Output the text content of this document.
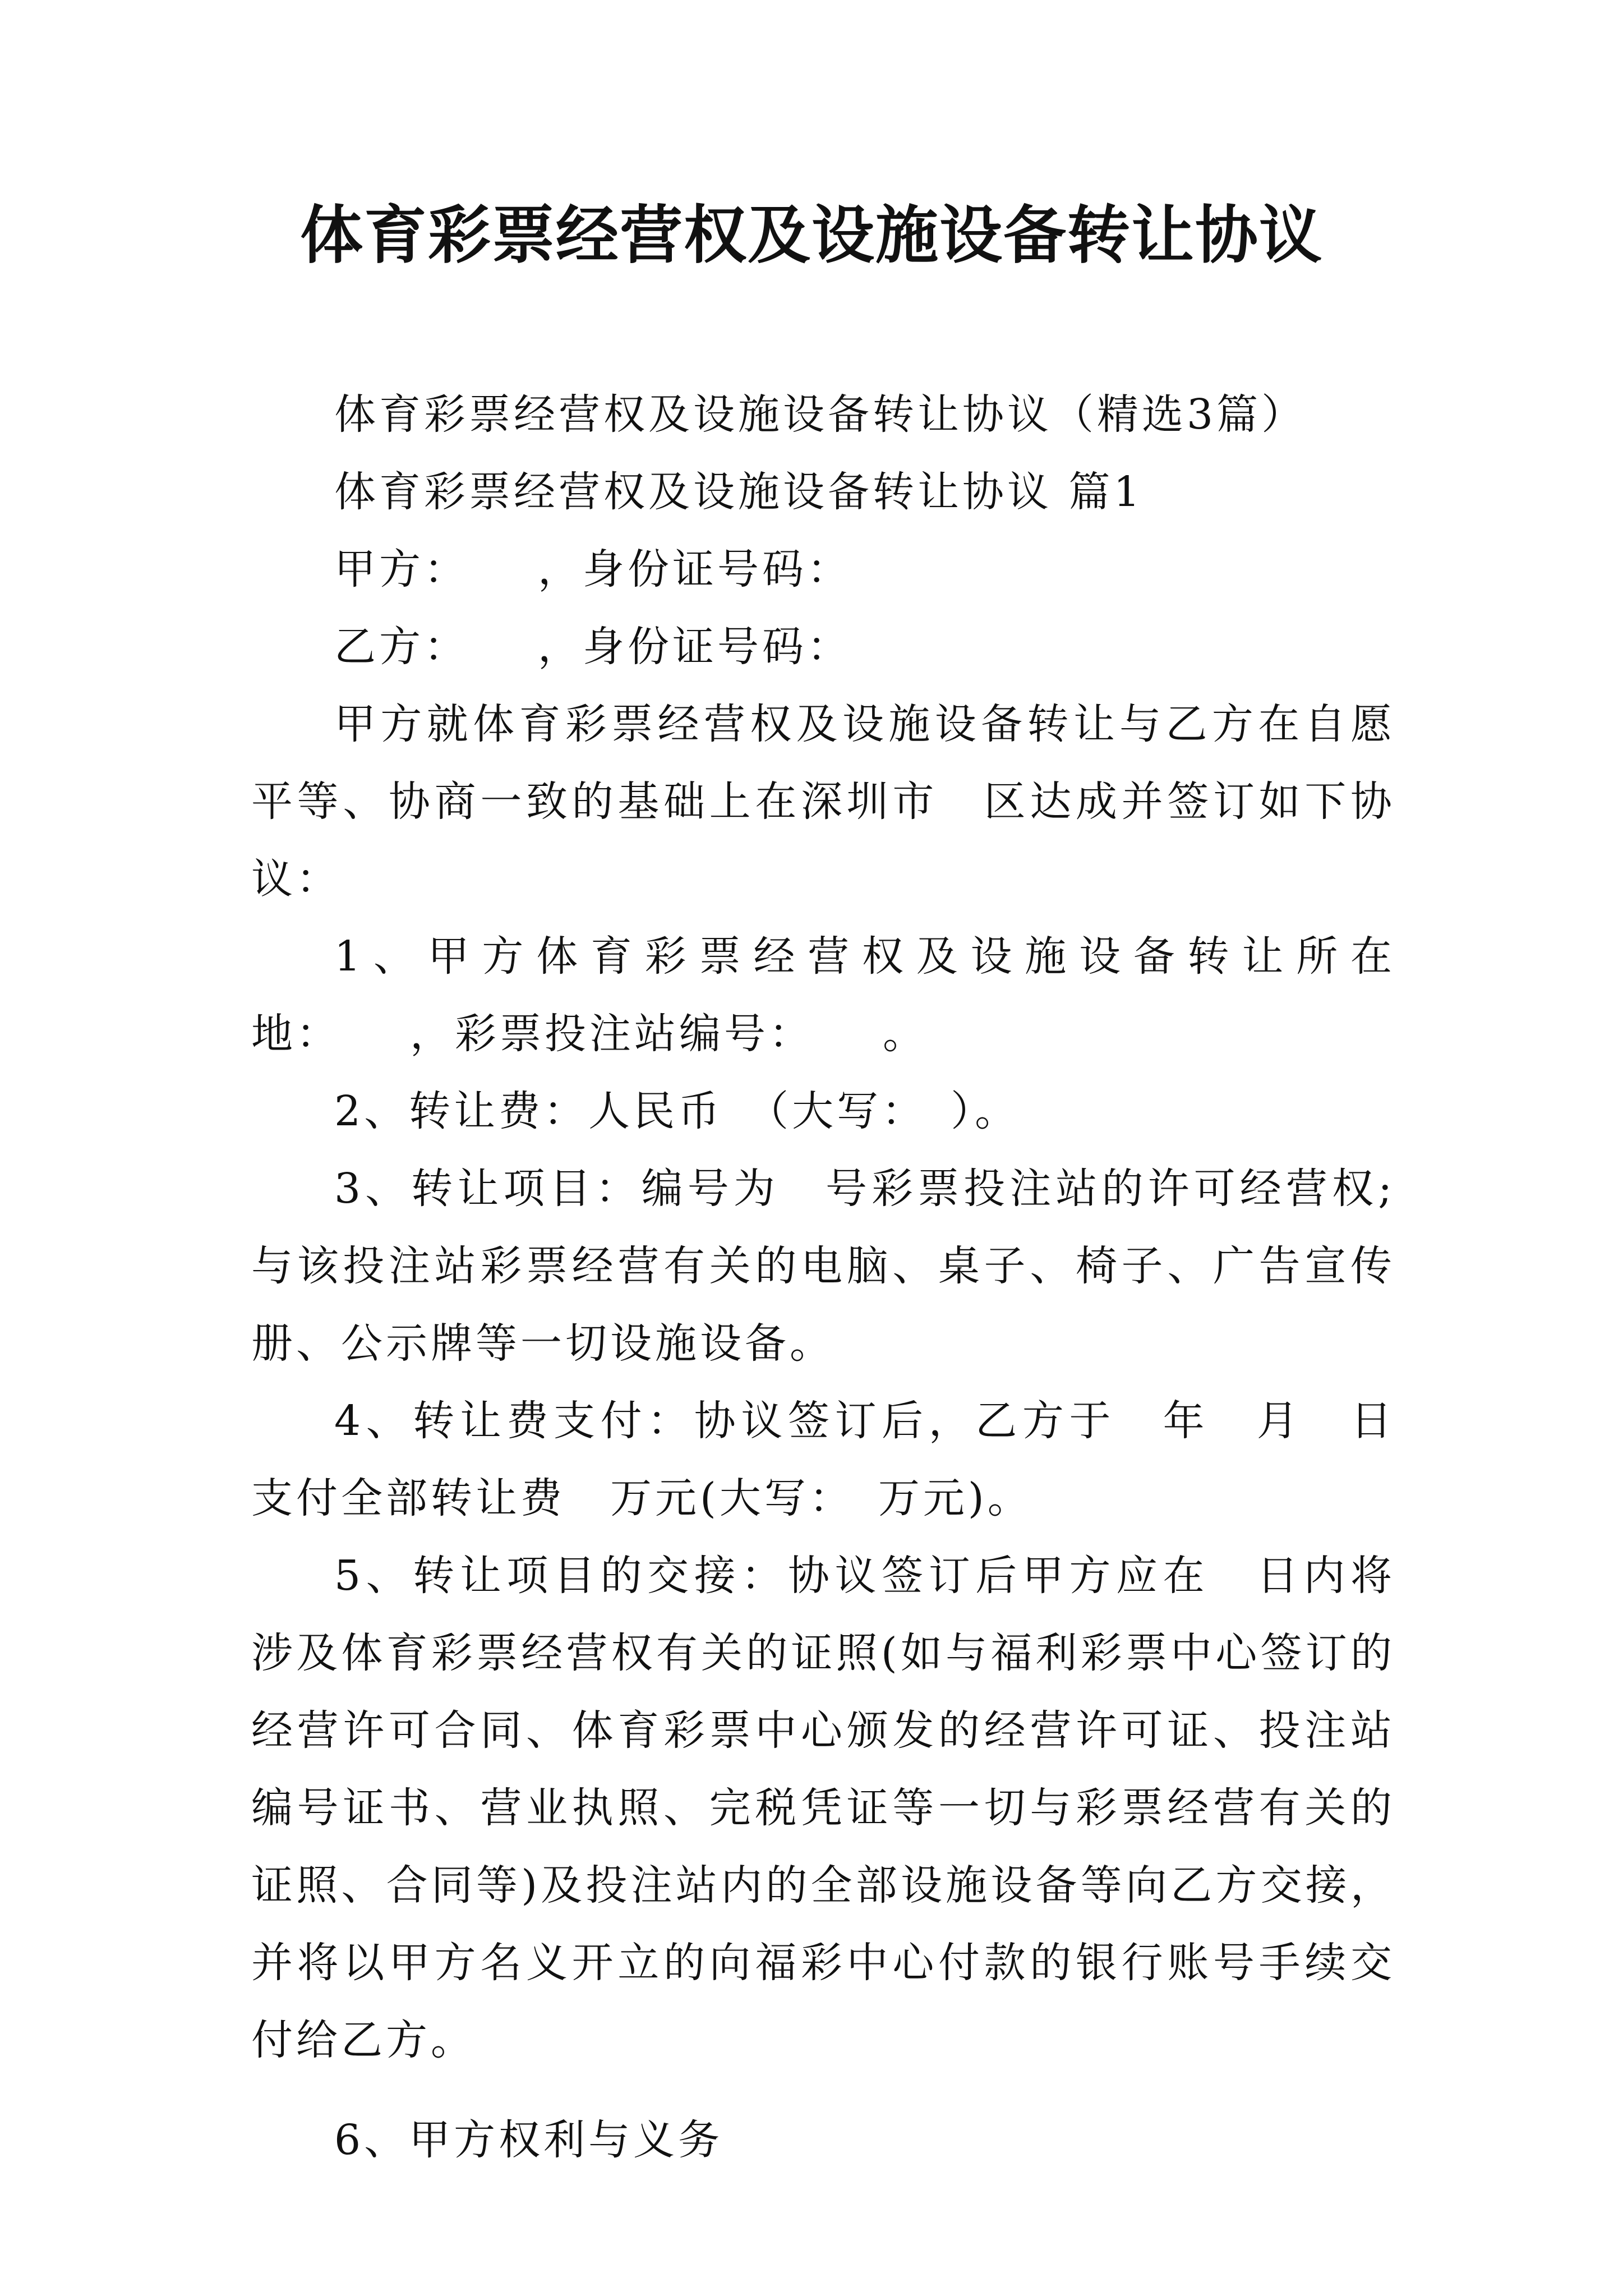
体育彩票经营权及设施设备转让协议

体育彩票经营权及设施设备转让协议（精选3篇）

体育彩票经营权及设施设备转让协议 篇1

甲方：　　，身份证号码：

乙方：　　，身份证号码：

甲方就体育彩票经营权及设施设备转让与乙方在自愿平等、协商一致的基础上在深圳市　区达成并签订如下协议：

1、甲方体育彩票经营权及设施设备转让所在地：　　，彩票投注站编号：　　。

2、转让费：人民币　（大写：　）。

3、转让项目：编号为　号彩票投注站的许可经营权;与该投注站彩票经营有关的电脑、桌子、椅子、广告宣传册、公示牌等一切设施设备。

4、转让费支付：协议签订后，乙方于　年　月　日支付全部转让费　万元(大写：　万元)。

5、转让项目的交接：协议签订后甲方应在　日内将涉及体育彩票经营权有关的证照(如与福利彩票中心签订的经营许可合同、体育彩票中心颁发的经营许可证、投注站编号证书、营业执照、完税凭证等一切与彩票经营有关的证照、合同等)及投注站内的全部设施设备等向乙方交接，并将以甲方名义开立的向福彩中心付款的银行账号手续交付给乙方。

6、甲方权利与义务
